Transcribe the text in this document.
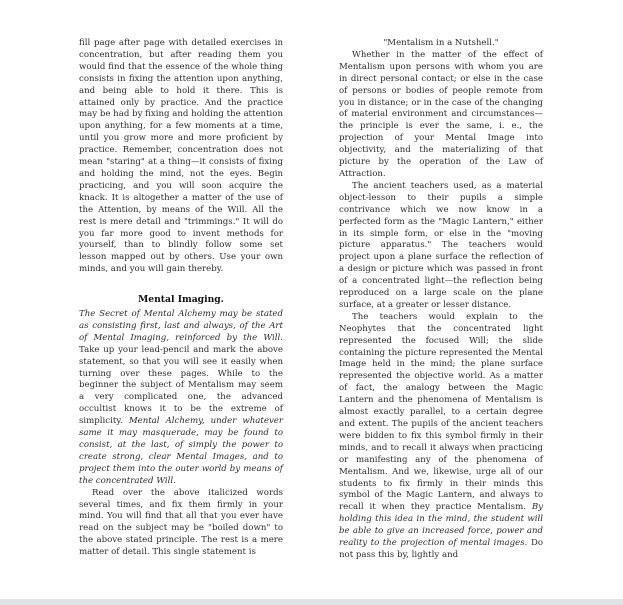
fill page after page with detailed exercises in concentration, but after reading them you would find that the essence of the whole thing consists in fixing the attention upon anything, and being able to hold it there. This is attained only by practice. And the practice may be had by fixing and holding the attention upon anything, for a few moments at a time, until you grow more and more proficient by practice. Remember, concentration does not mean "staring" at a thing—it consists of fixing and holding the mind, not the eyes. Begin practicing, and you will soon acquire the knack. It is altogether a matter of the use of the Attention, by means of the Will. All the rest is mere detail and "trimmings." It will do you far more good to invent methods for yourself, than to blindly follow some set lesson mapped out by others. Use your own minds, and you will gain thereby.

Mental Imaging.

The Secret of Mental Alchemy may be stated as consisting first, last and always, of the Art of Mental Imaging, reinforced by the Will. Take up your lead-pencil and mark the above statement, so that you will see it easily when turning over these pages. While to the beginner the subject of Mentalism may seem a very complicated one, the advanced occultist knows it to be the extreme of simplicity. Mental Alchemy, under whatever same it may masquerade, may be found to consist, at the last, of simply the power to create strong, clear Mental Images, and to project them into the outer world by means of the concentrated Will.

Read over the above italicized words several times, and fix them firmly in your mind. You will find that all that you ever have read on the subject may be "boiled down" to the above stated principle. The rest is a mere matter of detail. This single statement is

"Mentalism in a Nutshell."

Whether in the matter of the effect of Mentalism upon persons with whom you are in direct personal contact; or else in the case of persons or bodies of people remote from you in distance; or in the case of the changing of material environment and circumstances—the principle is ever the same, i. e., the projection of your Mental Image into objectivity, and the materializing of that picture by the operation of the Law of Attraction.

The ancient teachers used, as a material object-lesson to their pupils a simple contrivance which we now know in a perfected form as the "Magic Lantern," either in its simple form, or else in the "moving picture apparatus." The teachers would project upon a plane surface the reflection of a design or picture which was passed in front of a concentrated light—the reflection being reproduced on a large scale on the plane surface, at a greater or lesser distance.

The teachers would explain to the Neophytes that the concentrated light represented the focused Will; the slide containing the picture represented the Mental Image held in the mind; the plane surface represented the objective world. As a matter of fact, the analogy between the Magic Lantern and the phenomena of Mentalism is almost exactly parallel, to a certain degree and extent. The pupils of the ancient teachers were bidden to fix this symbol firmly in their minds, and to recall it always when practicing or manifesting any of the phenomena of Mentalism. And we, likewise, urge all of our students to fix firmly in their minds this symbol of the Magic Lantern, and always to recall it when they practice Mentalism. By holding this idea in the mind, the student will be able to give an increased force, power and reality to the projection of mental images. Do not pass this by, lightly and
